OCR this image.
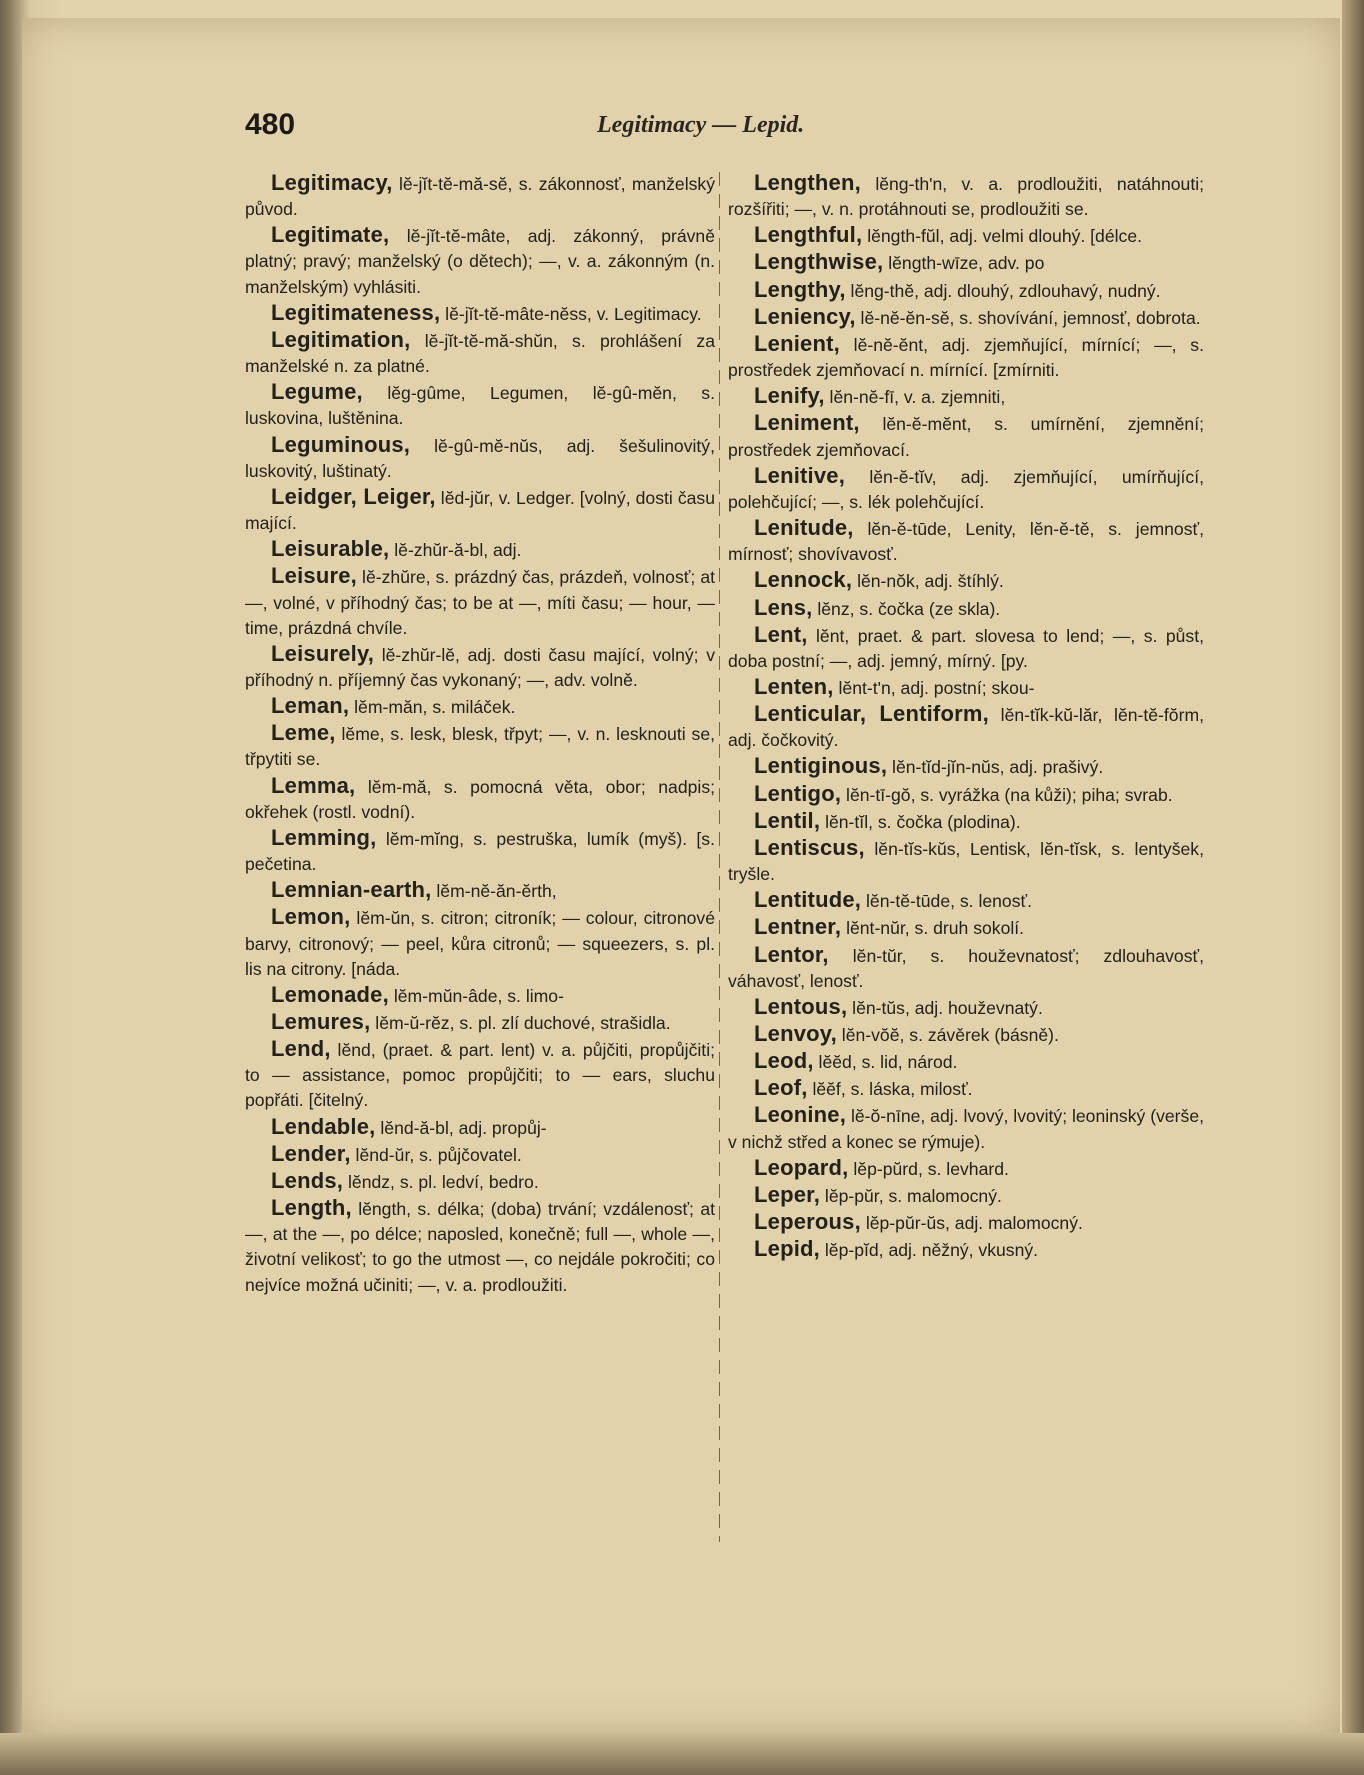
480	Legitimacy — Lepid.

Legitimacy, lĕ-jĭt-tĕ-mă-sĕ, s. zákonnosť, manželský původ.

Legitimate, lĕ-jĭt-tĕ-mâte, adj. zákonný, právně platný; pravý; manželský (o dětech); —, v. a. zákonným (n. manželským) vyhlásiti.

Legitimateness, lĕ-jĭt-tĕ-mâte-nĕss, v. Legitimacy.

Legitimation, lĕ-jĭt-tĕ-mă-shŭn, s. prohlášení za manželské n. za platné.

Legume, lĕg-gûme, Legumen, lĕ-gû-mĕn, s. luskovina, luštěnina.

Leguminous, lĕ-gû-mĕ-nŭs, adj. šešulinovitý, luskovitý, luštinatý.

Leidger, Leiger, lĕd-jŭr, v. Ledger. [volný, dosti času mající.

Leisurable, lĕ-zhŭr-ă-bl, adj.

Leisure, lĕ-zhŭre, s. prázdný čas, prázdeň, volnosť; at —, volné, v příhodný čas; to be at —, míti času; — hour, — time, prázdná chvíle.

Leisurely, lĕ-zhŭr-lĕ, adj. dosti času mající, volný; v příhodný n. příjemný čas vykonaný; —, adv. volně.

Leman, lĕm-măn, s. miláček.

Leme, lĕme, s. lesk, blesk, třpyt; —, v. n. lesknouti se, třpytiti se.

Lemma, lĕm-mă, s. pomocná věta, obor; nadpis; okřehek (rostl. vodní).

Lemming, lĕm-mĭng, s. pestruška, lumík (myš). [s. pečetina.

Lemnian-earth, lĕm-nĕ-ăn-ĕrth,

Lemon, lĕm-ŭn, s. citron; citroník; — colour, citronové barvy, citronový; — peel, kůra citronů; — squeezers, s. pl. lis na citrony. [nádа.

Lemonade, lĕm-mŭn-âde, s. limo-

Lemures, lĕm-ŭ-rĕz, s. pl. zlí duchové, strašidla.

Lend, lĕnd, (praet. & part. lent) v. a. půjčiti, propůjčiti; to — assistance, pomoc propůjčiti; to — ears, sluchu popřáti. [čitelný.

Lendable, lĕnd-ă-bl, adj. propůj-

Lender, lĕnd-ŭr, s. půjčovatel.

Lends, lĕndz, s. pl. ledví, bedro.

Length, lĕngth, s. délka; (doba) trvání; vzdálenosť; at —, at the —, po délce; naposled, konečně; full —, whole —, životní velikosť; to go the utmost —, co nejdále pokročiti; co nejvíce možná učiniti; —, v. a. prodloužiti.

Lengthen, lĕng-th'n, v. a. prodloužiti, natáhnouti; rozšířiti; —, v. n. protáhnouti se, prodloužiti se.

Lengthful, lĕngth-fŭl, adj. velmi dlouhý. [délce.

Lengthwise, lĕngth-wīze, adv. po

Lengthy, lĕng-thĕ, adj. dlouhý, zdlouhavý, nudný.

Leniency, lĕ-nĕ-ĕn-sĕ, s. shovívání, jemnosť, dobrota.

Lenient, lĕ-nĕ-ĕnt, adj. zjemňující, mírnící; —, s. prostředek zjemňovací n. mírnící. [zmírniti.

Lenify, lĕn-nĕ-fī, v. a. zjemniti,

Leniment, lĕn-ĕ-mĕnt, s. umírnění, zjemnění; prostředek zjemňovací.

Lenitive, lĕn-ĕ-tĭv, adj. zjemňující, umírňující, polehčující; —, s. lék polehčující.

Lenitude, lĕn-ĕ-tūde, Lenity, lĕn-ĕ-tĕ, s. jemnosť, mírnosť; shovívavosť.

Lennock, lĕn-nŏk, adj. štíhlý.

Lens, lĕnz, s. čočka (ze skla).

Lent, lĕnt, praet. & part. slovesa to lend; —, s. půst, doba postní; —, adj. jemný, mírný. [py.

Lenten, lĕnt-t'n, adj. postní; skou-

Lenticular, Lentiform, lĕn-tĭk-kŭ-lăr, lĕn-tĕ-fŏrm, adj. čočkovitý.

Lentiginous, lĕn-tĭd-jĭn-nŭs, adj. prašivý.

Lentigo, lĕn-tī-gŏ, s. vyrážka (na kůži); piha; svrab.

Lentil, lĕn-tĭl, s. čočka (plodina).

Lentiscus, lĕn-tĭs-kŭs, Lentisk, lĕn-tĭsk, s. lentyšek, tryšle.

Lentitude, lĕn-tĕ-tūde, s. lenosť.

Lentner, lĕnt-nŭr, s. druh sokolí.

Lentor, lĕn-tŭr, s. houževnatosť; zdlouhavosť, váhavosť, lenosť.

Lentous, lĕn-tŭs, adj. houževnatý.

Lenvoy, lĕn-vŏĕ, s. závěrek (básně).

Leod, lĕĕd, s. lid, národ.

Leof, lĕĕf, s. láska, milosť.

Leonine, lĕ-ŏ-nīne, adj. lvový, lvovitý; leoninský (verše, v nichž střed a konec se rýmuje).

Leopard, lĕp-pŭrd, s. levhard.

Leper, lĕp-pŭr, s. malomocný.

Leperous, lĕp-pŭr-ŭs, adj. malomocný.

Lepid, lĕp-pĭd, adj. něžný, vkusný.
